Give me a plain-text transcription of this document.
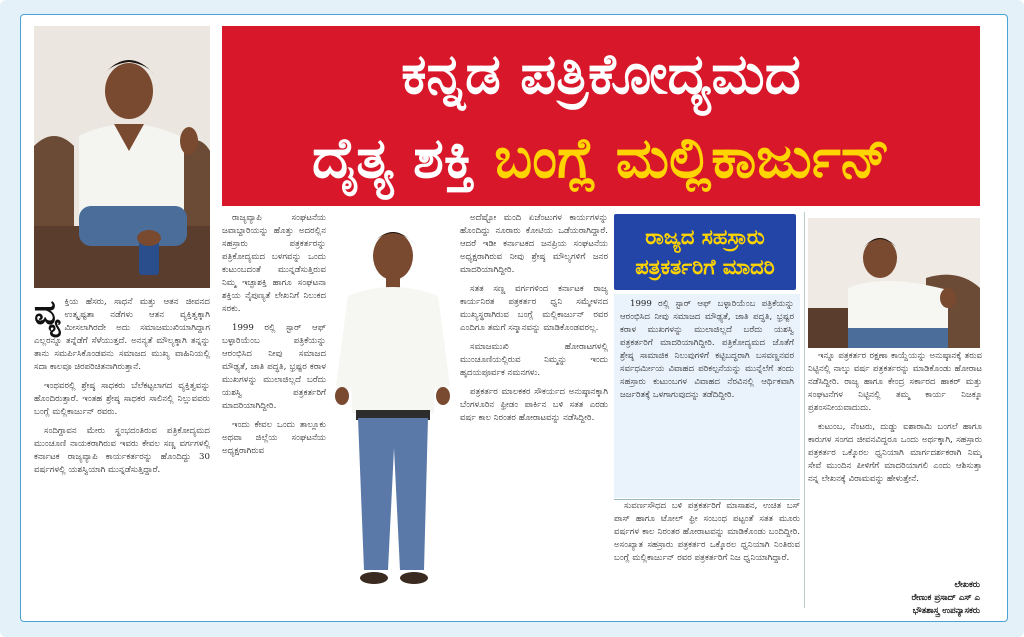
ಕನ್ನಡ ಪತ್ರಿಕೋದ್ಯಮದ
ದೈತ್ಯ ಶಕ್ತಿ ಬಂಗ್ಲೆ ಮಲ್ಲಿಕಾರ್ಜುನ್

ವ್ಯ ಕ್ತಿಯ ಹೆಸರು, ಸಾಧನೆ ಮತ್ತು ಆತನ ಜೀವನದ ಉತ್ಕೃಷ್ಟತಾ ನಡೆಗಳು ಆತನ ವ್ಯಕ್ತಿತ್ವಕ್ಕಾಗಿ ಮೀಸಲಾಗಿರದೇ ಅದು ಸಮಾಜಮುಖಿಯಾಗಿದ್ದಾಗ ಎಲ್ಲರನ್ನೂ ತನ್ನೆಡೆಗೆ ಸೆಳೆಯುತ್ತದೆ. ಅನನ್ಯತೆ ಮೌಲ್ಯಕ್ಕಾಗಿ ತನ್ನನ್ನು ತಾನು ಸಮರ್ಪಿಸಿಕೊಂಡವನು ಸಮಾಜದ ಮುಖ್ಯ ವಾಹಿನಿಯಲ್ಲಿ ಸದಾ ಕಾಲವೂ ಚಿರಪರಿಚಿತನಾಗಿರುತ್ತಾನೆ.

ಇಂಥವರಲ್ಲಿ ಶ್ರೇಷ್ಠ ಸಾಧಕರು ಬೆಲೆಕಟ್ಟಲಾಗದ ವ್ಯಕ್ತಿತ್ವವನ್ನು ಹೊಂದಿರುತ್ತಾರೆ. ಇಂತಹ ಶ್ರೇಷ್ಠ ಸಾಧಕರ ಸಾಲಿನಲ್ಲಿ ನಿಲ್ಲುವವರು ಬಂಗ್ಲೆ ಮಲ್ಲಿಕಾರ್ಜುನ್ ರವರು.

ಸಂದಿಗ್ದಾವನ ಮೇರು ಸ್ಥಂಭದಂತಿರುವ ಪತ್ರಿಕೋದ್ಯಮದ ಮುಂಚೂಣಿ ನಾಯಕರಾಗಿರುವ ಇವರು ಕೇವಲ ಸಣ್ಣ ವರ್ಗಗಳಲ್ಲಿ ಕರ್ನಾಟಕ ರಾಜ್ಯವ್ಯಾಪಿ ಕಾರ್ಯಕರ್ತರನ್ನು ಹೊಂದಿದ್ದು 30 ವರ್ಷಗಳಲ್ಲಿ ಯಶಸ್ವಿಯಾಗಿ ಮುನ್ನಡೆಸುತ್ತಿದ್ದಾರೆ.

ರಾಜ್ಯವ್ಯಾಪಿ ಸಂಘಟನೆಯ ಜವಾಬ್ದಾರಿಯನ್ನು ಹೊತ್ತು ಅದರಲ್ಲಿನ ಸಹಸ್ರಾರು ಪತ್ರಕರ್ತರನ್ನು ಪತ್ರಿಕೋದ್ಯಮದ ಬಳಗವನ್ನು ಒಂದು ಕುಟುಂಬದಂತೆ ಮುನ್ನಡೆಸುತ್ತಿರುವ ನಿಮ್ಮ ಇಚ್ಛಾಶಕ್ತಿ ಹಾಗೂ ಸಂಘಟನಾ ಶಕ್ತಿಯ ನೈಪುಣ್ಯತೆ ಲೇಖನಿಗೆ ನಿಲುಕದ ಸರಕು.

1999 ರಲ್ಲಿ ಸ್ಟಾರ್ ಆಫ್ ಬಳ್ಳಾರಿಯೆಂಬ ಪತ್ರಿಕೆಯನ್ನು ಆರಂಭಿಸಿದ ನೀವು ಸಮಾಜದ ಮೌಢ್ಯತೆ, ಜಾತಿ ಪದ್ಧತಿ, ಭ್ರಷ್ಟರ ಕರಾಳ ಮುಖಗಳನ್ನು ಮುಲಾಜಿಲ್ಲದೆ ಬರೆದು ಯಶಸ್ವಿ ಪತ್ರಕರ್ತರಿಗೆ ಮಾದರಿಯಾಗಿದ್ದೀರಿ.

ಇಂದು ಕೇವಲ ಒಂದು ತಾಲ್ಲೂಕು ಅಥವಾ ಜಿಲ್ಲೆಯ ಸಂಘಟನೆಯ ಅಧ್ಯಕ್ಷರಾಗಿರುವ

ಅದೆಷ್ಟೋ ಮಂದಿ ಏಜೆಂಟುಗಳ ಕಾರ್ಯಗಳನ್ನು ಹೊಂದಿದ್ದು ನೂರಾರು ಕೋಟಿಯ ಒಡೆಯರಾಗಿದ್ದಾರೆ. ಆದರೆ ಇಡೀ ಕರ್ನಾಟಕದ ಜನಪ್ರಿಯ ಸಂಘಟನೆಯ ಅಧ್ಯಕ್ಷರಾಗಿರುವ ನೀವು ಶ್ರೇಷ್ಠ ಮೌಲ್ಯಗಳಿಗೆ ಜನರ ಮಾದರಿಯಾಗಿದ್ದೀರಿ.

ಸತತ ಸಣ್ಣ ವರ್ಗಗಳಿಂದ ಕರ್ನಾಟಕ ರಾಜ್ಯ ಕಾರ್ಯನಿರತ ಪತ್ರಕರ್ತರ ಧ್ವನಿ ಸಮ್ಮೇಳನದ ಮುಖ್ಯಸ್ಥರಾಗಿರುವ ಬಂಗ್ಲೆ ಮಲ್ಲಿಕಾರ್ಜುನ್ ರವರ ಎಂದಿಗೂ ತಮಗೆ ಸನ್ಮಾನವನ್ನು ಮಾಡಿಕೊಂಡವರಲ್ಲ.

ಸಮಾಜಮುಖಿ ಹೋರಾಟಗಳಲ್ಲಿ ಮುಂಚೂಣಿಯಲ್ಲಿರುವ ನಿಮ್ಮನ್ನು ಇಂದು ಹೃದಯಪೂರ್ವಕ ನಮನಗಳು.

ಪತ್ರಕರ್ತರ ಮಾಲಕಕರ ಸೌಕರ್ಯದ ಅನುಷ್ಠಾನಕ್ಕಾಗಿ ಬೆಂಗಳೂರಿನ ಫ್ರೀಡಂ ಪಾರ್ಕಿನ ಬಳಿ ಸತತ ಎರಡು ವರ್ಷ ಕಾಲ ನಿರಂತರ ಹೋರಾಟವನ್ನು ನಡೆಸಿದ್ದೀರಿ.

ರಾಜ್ಯದ ಸಹಸ್ರಾರು
ಪತ್ರಕರ್ತರಿಗೆ ಮಾದರಿ

1999 ರಲ್ಲಿ ಸ್ಟಾರ್ ಆಫ್ ಬಳ್ಳಾರಿಯೆಂಬ ಪತ್ರಿಕೆಯನ್ನು ಆರಂಭಿಸಿದ ನೀವು ಸಮಾಜದ ಮೌಢ್ಯತೆ, ಜಾತಿ ಪದ್ಧತಿ, ಭ್ರಷ್ಟರ ಕರಾಳ ಮುಖಗಳನ್ನು ಮುಲಾಜಿಲ್ಲದೆ ಬರೆದು ಯಶಸ್ವಿ ಪತ್ರಕರ್ತರಿಗೆ ಮಾದರಿಯಾಗಿದ್ದೀರಿ. ಪತ್ರಿಕೋದ್ಯಮದ ಜೊತೆಗೆ ಶ್ರೇಷ್ಠ ಸಾಮಾಜಿಕ ನಿಲುವುಗಳಿಗೆ ಕಟ್ಟಿಬದ್ಧರಾಗಿ ಬಸವಣ್ಣನವರ ಸರ್ವಧರ್ಮೀಯ ವಿವಾಹದ ಪರಿಕಲ್ಪನೆಯನ್ನು ಮುನ್ನೆಲೆಗೆ ತಂದು ಸಹಸ್ರಾರು ಕುಟುಂಬಗಳ ವಿವಾಹದ ನೆರವಿನಲ್ಲಿ ಆರ್ಥಿಕವಾಗಿ ಜರ್ಜರಿತಕ್ಕೆ ಒಳಗಾಗುವುದನ್ನು ತಡೆದಿದ್ದೀರಿ.

ಸುವರ್ಣಸೌಧದ ಬಳಿ ಪತ್ರಕರ್ತರಿಗೆ ಮಾಸಾಶನ, ಉಚಿತ ಬಸ್ ಪಾಸ್ ಹಾಗೂ ಟೋಲ್ ಫ್ರೀ ಸಂಬಂಧ ಪಟ್ಟಂತೆ ಸತತ ಮೂರು ವರ್ಷಗಳ ಕಾಲ ನಿರಂತರ ಹೋರಾಟವನ್ನು ಮಾಡಿಕೊಂಡು ಬಂದಿದ್ದೀರಿ. ಅಸಂಖ್ಯಾತ ಸಹಸ್ರಾರು ಪತ್ರಕರ್ತರ ಒಕ್ಕೊರಲ ಧ್ವನಿಯಾಗಿ ನಿಂತಿರುವ ಬಂಗ್ಲೆ ಮಲ್ಲಿಕಾರ್ಜುನ್ ರವರ ಪತ್ರಕರ್ತರಿಗೆ ನಿಜ ಧ್ವನಿಯಾಗಿದ್ದಾರೆ.

ಇನ್ನೂ ಪತ್ರಕರ್ತರ ರಕ್ಷಣಾ ಕಾಯ್ದೆಯನ್ನು ಅನುಷ್ಠಾನಕ್ಕೆ ತರುವ ನಿಟ್ಟಿನಲ್ಲಿ ನಾಲ್ಕು ವರ್ಷ ಪತ್ರಕರ್ತರನ್ನು ಮಾಡಿಕೊಂಡು ಹೋರಾಟ ನಡೆಸಿದ್ದೀರಿ. ರಾಜ್ಯ ಹಾಗೂ ಕೇಂದ್ರ ಸರ್ಕಾರದ ಹಾಕರ್ ಮತ್ತು ಸಂಘಟನೆಗಳ ನಿಟ್ಟಿನಲ್ಲಿ ತಮ್ಮ ಕಾರ್ಯ ನಿಜಕ್ಕೂ ಪ್ರಶಂಸನೀಯವಾದುದು.

ಕುಟುಂಬ, ನೆಂಟರು, ದುಡ್ಡು ಐಶಾರಾಮಿ ಬಂಗಲೆ ಹಾಗೂ ಕಾರುಗಳ ಸಂಗದ ಜೀವನವಿದ್ದರೂ ಒಂದು ಅರ್ಥಕ್ಕಾಗಿ, ಸಹಸ್ರಾರು ಪತ್ರಕರ್ತರ ಒಕ್ಕೊರಲ ಧ್ವನಿಯಾಗಿ ಮಾರ್ಗದರ್ಶಕರಾಗಿ ನಿಮ್ಮ ಸೇವೆ ಮುಂದಿನ ಪೀಳಿಗೆಗೆ ಮಾದರಿಯಾಗಲಿ ಎಂದು ಆಶಿಸುತ್ತಾ ನನ್ನ ಲೇಖನಕ್ಕೆ ವಿರಾಮವನ್ನು ಹೇಳುತ್ತೇನೆ.

ಲೇಖಕರು
ರೇಣುಕ ಪ್ರಸಾದ್ ಎಸ್ ಎ
ಭೌತಶಾಸ್ತ್ರ ಉಪನ್ಯಾಸಕರು
